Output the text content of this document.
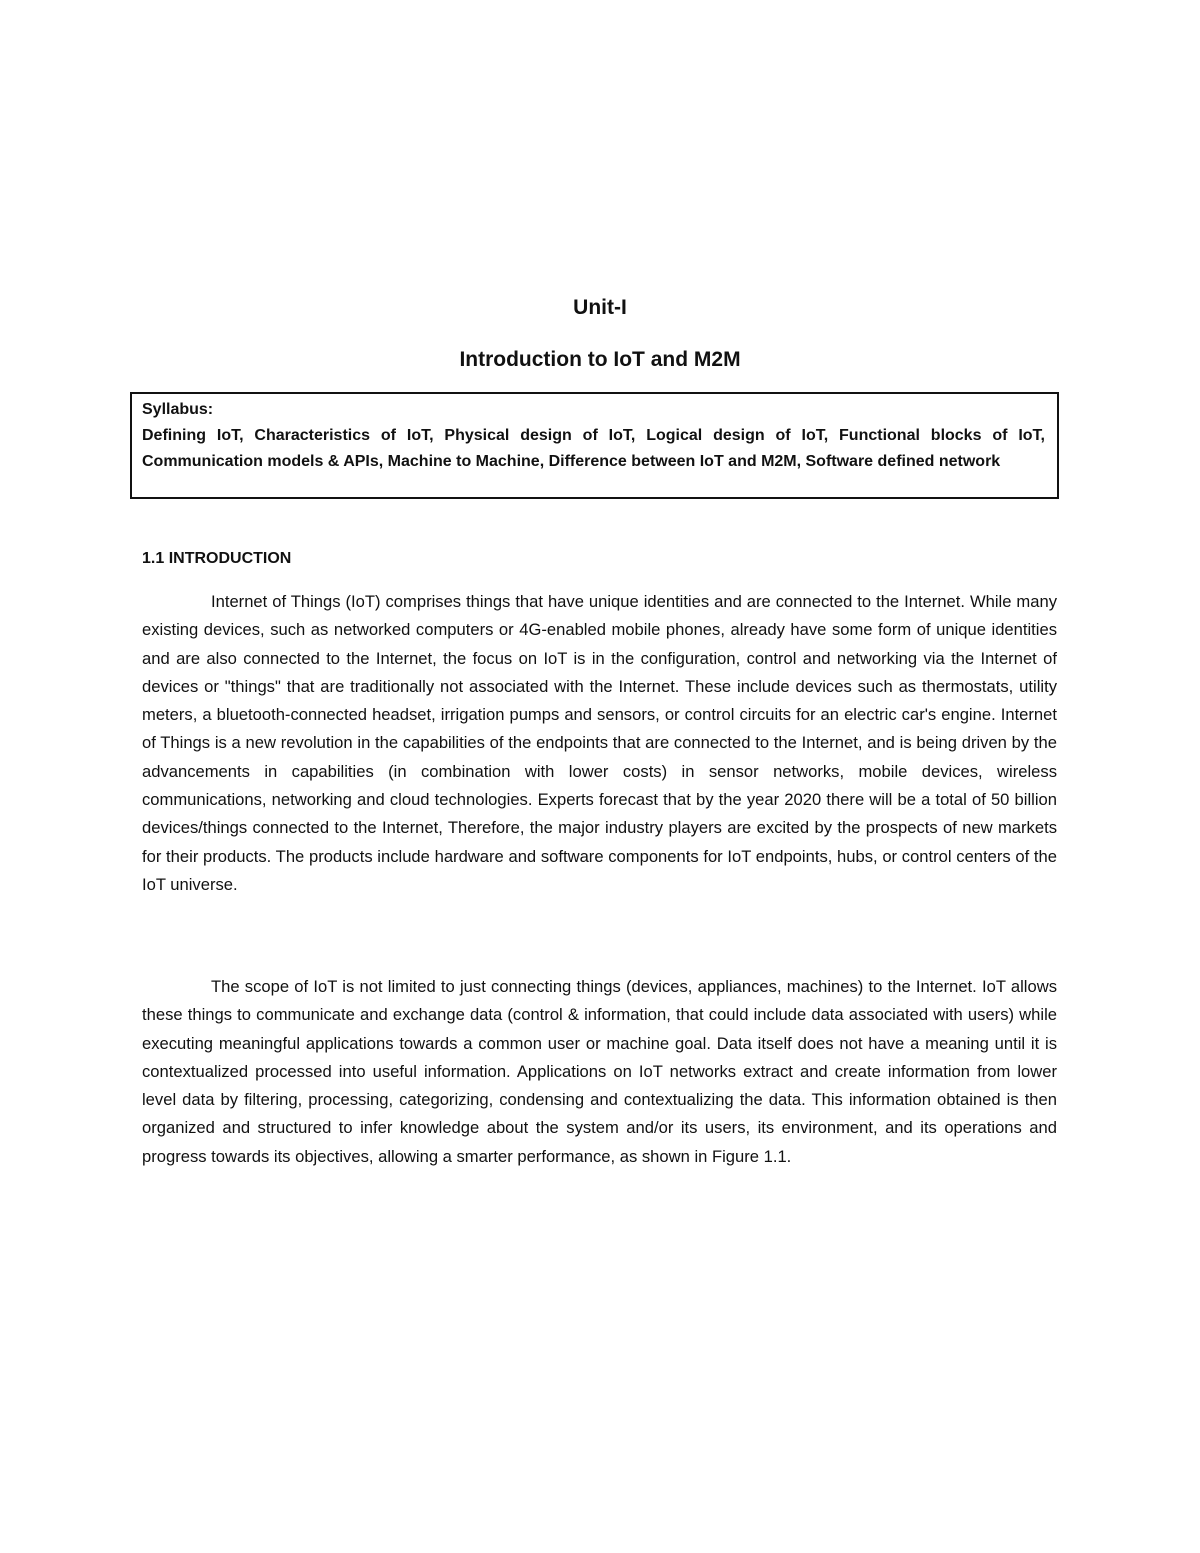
Unit-I
Introduction to IoT and M2M
Syllabus:
Defining IoT, Characteristics of IoT, Physical design of IoT, Logical design of IoT, Functional blocks of IoT, Communication models & APIs, Machine to Machine, Difference between IoT and M2M, Software defined network
1.1 INTRODUCTION

Internet of Things (IoT) comprises things that have unique identities and are connected to the Internet. While many existing devices, such as networked computers or 4G-enabled mobile phones, already have some form of unique identities and are also connected to the Internet, the focus on IoT is in the configuration, control and networking via the Internet of devices or "things" that are traditionally not associated with the Internet. These include devices such as thermostats, utility meters, a bluetooth-connected headset, irrigation pumps and sensors, or control circuits for an electric car's engine. Internet of Things is a new revolution in the capabilities of the endpoints that are connected to the Internet, and is being driven by the advancements in capabilities (in combination with lower costs) in sensor networks, mobile devices, wireless communications, networking and cloud technologies. Experts forecast that by the year 2020 there will be a total of 50 billion devices/things connected to the Internet, Therefore, the major industry players are excited by the prospects of new markets for their products. The products include hardware and software components for IoT endpoints, hubs, or control centers of the IoT universe.

The scope of IoT is not limited to just connecting things (devices, appliances, machines) to the Internet. IoT allows these things to communicate and exchange data (control & information, that could include data associated with users) while executing meaningful applications towards a common user or machine goal. Data itself does not have a meaning until it is contextualized processed into useful information. Applications on IoT networks extract and create information from lower level data by filtering, processing, categorizing, condensing and contextualizing the data. This information obtained is then organized and structured to infer knowledge about the system and/or its users, its environment, and its operations and progress towards its objectives, allowing a smarter performance, as shown in Figure 1.1.
